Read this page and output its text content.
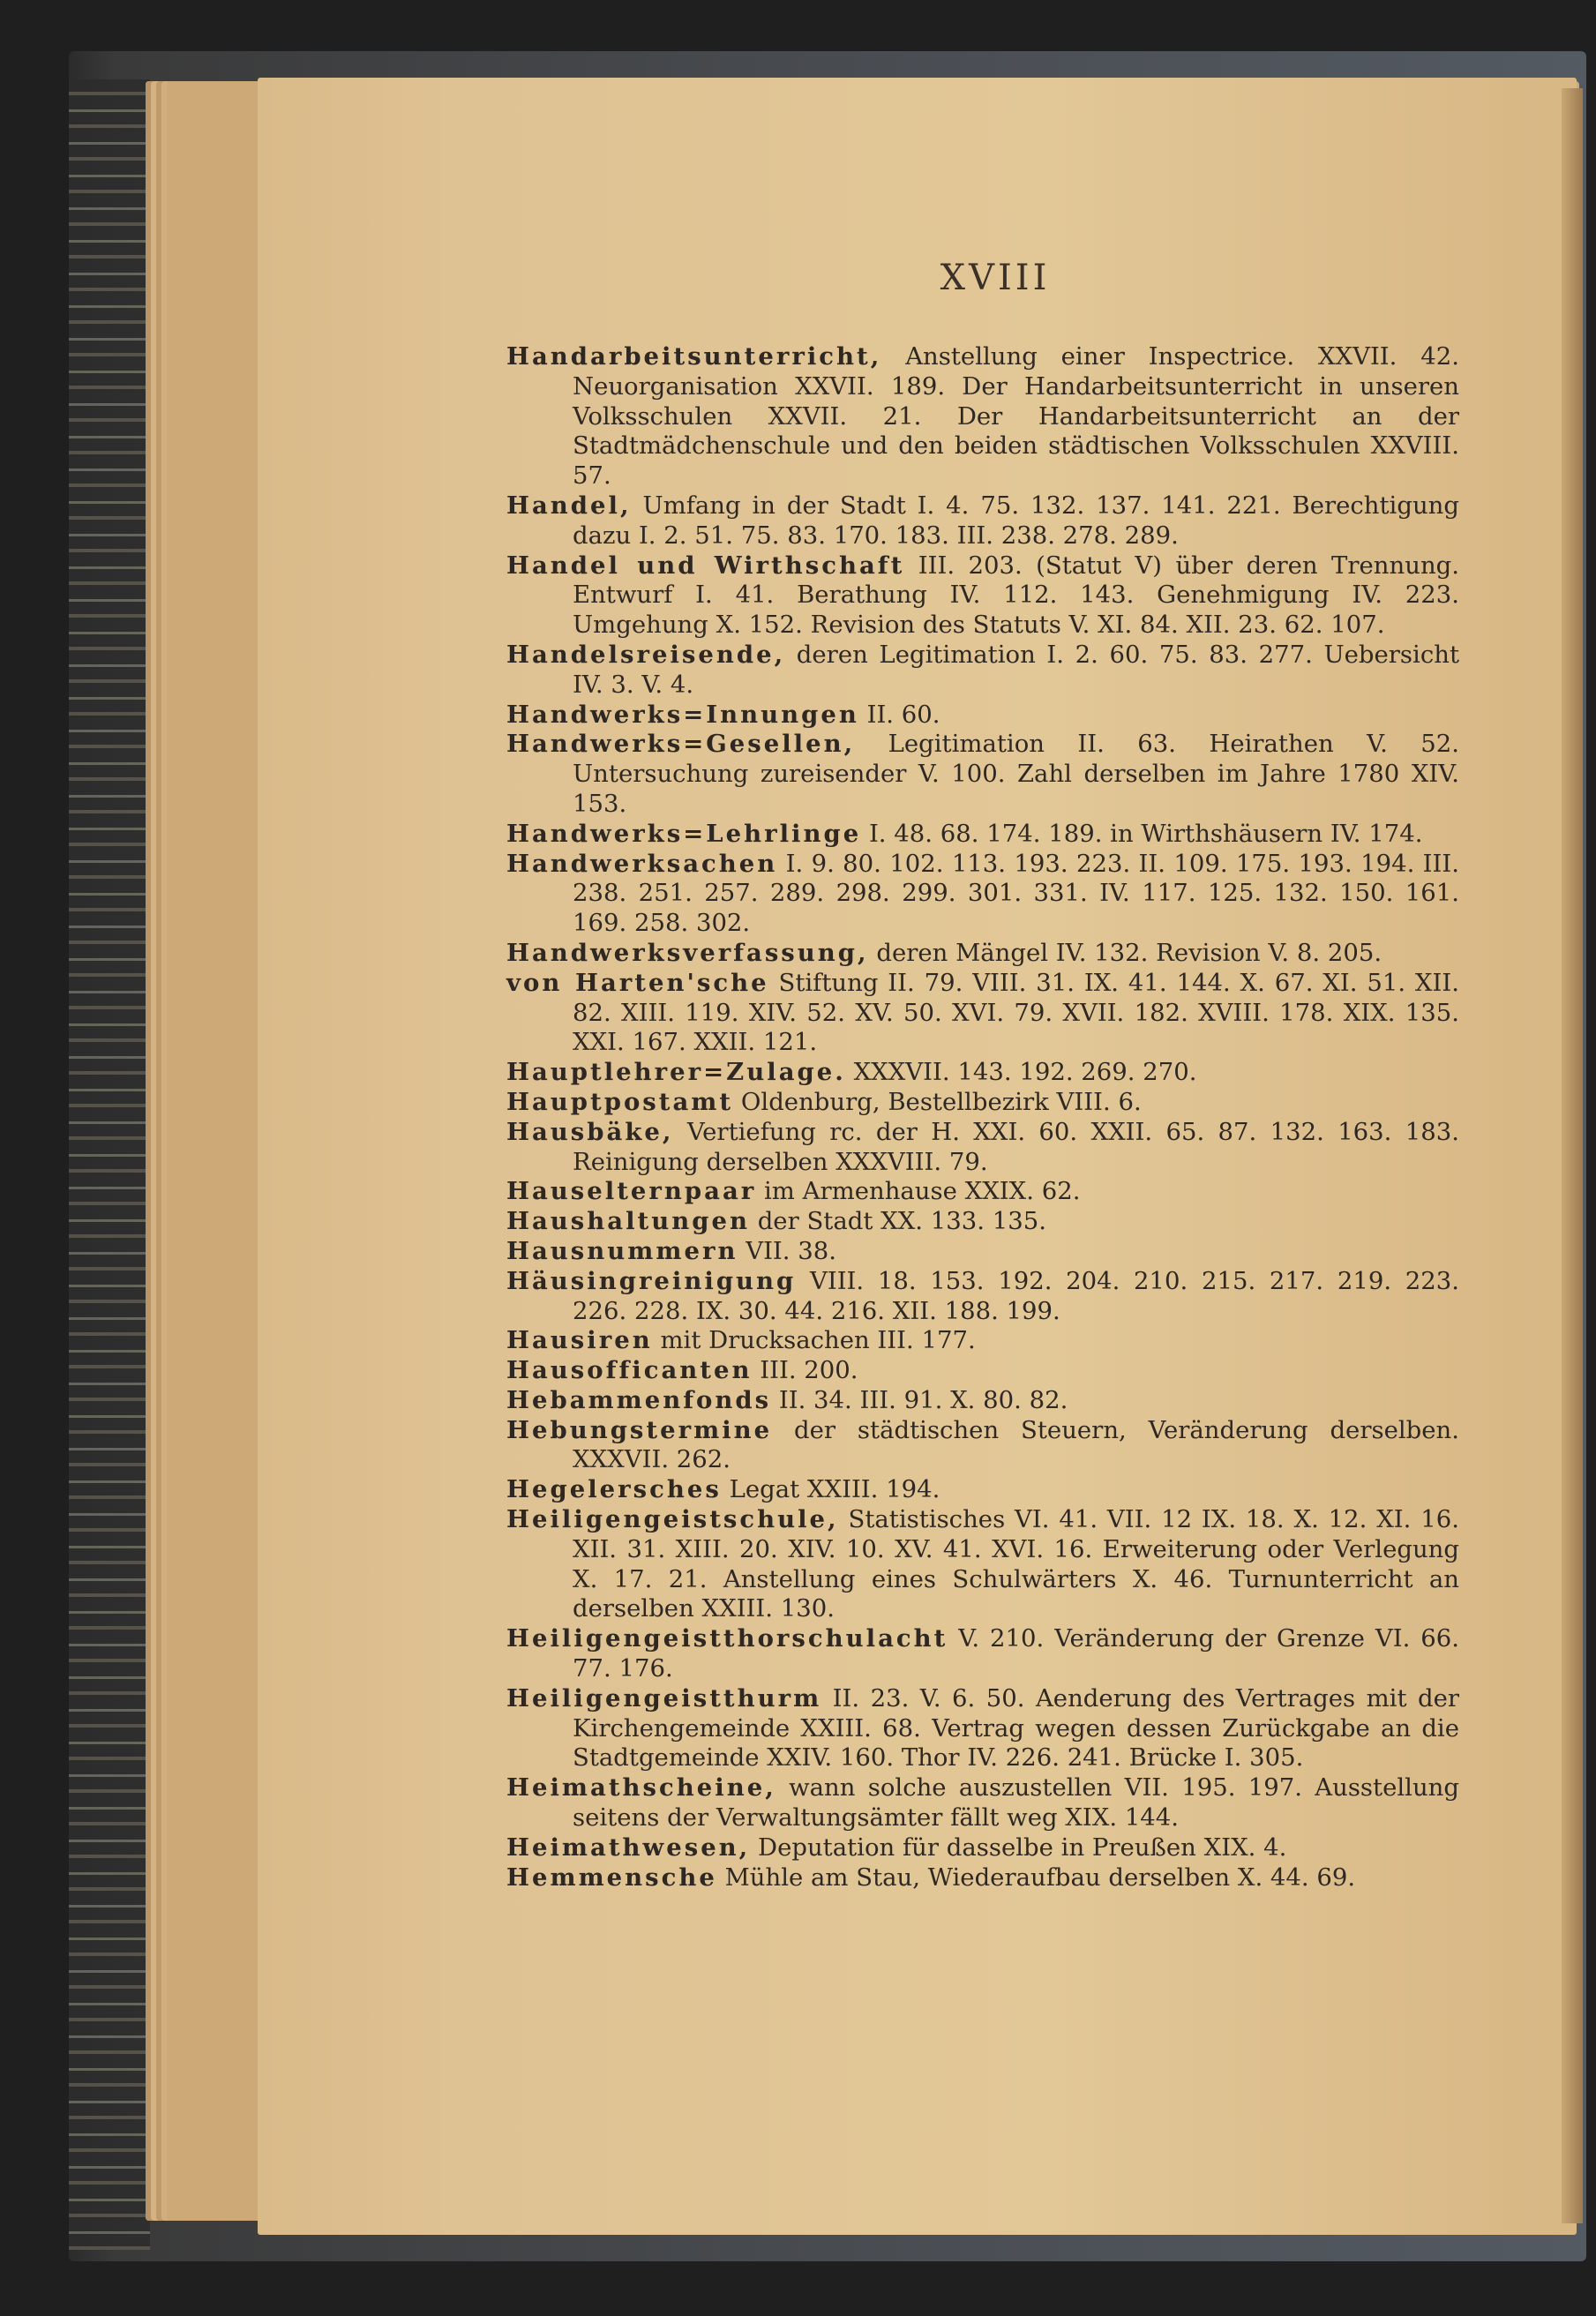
XVIII

Handarbeitsunterricht, Anstellung einer Inspectrice. XXVII. 42. Neuorganisation XXVII. 189. Der Handarbeitsunterricht in unseren Volksschulen XXVII. 21. Der Handarbeitsunterricht an der Stadtmädchenschule und den beiden städtischen Volksschulen XXVIII. 57.

Handel, Umfang in der Stadt I. 4. 75. 132. 137. 141. 221. Berechtigung dazu I. 2. 51. 75. 83. 170. 183. III. 238. 278. 289.

Handel und Wirthschaft III. 203. (Statut V) über deren Trennung. Entwurf I. 41. Berathung IV. 112. 143. Genehmigung IV. 223. Umgehung X. 152. Revision des Statuts V. XI. 84. XII. 23. 62. 107.

Handelsreisende, deren Legitimation I. 2. 60. 75. 83. 277. Uebersicht IV. 3. V. 4.

Handwerks=Innungen II. 60.

Handwerks=Gesellen, Legitimation II. 63. Heirathen V. 52. Untersuchung zureisender V. 100. Zahl derselben im Jahre 1780 XIV. 153.

Handwerks=Lehrlinge I. 48. 68. 174. 189. in Wirthshäusern IV. 174.

Handwerksachen I. 9. 80. 102. 113. 193. 223. II. 109. 175. 193. 194. III. 238. 251. 257. 289. 298. 299. 301. 331. IV. 117. 125. 132. 150. 161. 169. 258. 302.

Handwerksverfassung, deren Mängel IV. 132. Revision V. 8. 205.

von Harten'sche Stiftung II. 79. VIII. 31. IX. 41. 144. X. 67. XI. 51. XII. 82. XIII. 119. XIV. 52. XV. 50. XVI. 79. XVII. 182. XVIII. 178. XIX. 135. XXI. 167. XXII. 121.

Hauptlehrer=Zulage. XXXVII. 143. 192. 269. 270.

Hauptpostamt Oldenburg, Bestellbezirk VIII. 6.

Hausbäke, Vertiefung rc. der H. XXI. 60. XXII. 65. 87. 132. 163. 183. Reinigung derselben XXXVIII. 79.

Hauselternpaar im Armenhause XXIX. 62.

Haushaltungen der Stadt XX. 133. 135.

Hausnummern VII. 38.

Häusingreinigung VIII. 18. 153. 192. 204. 210. 215. 217. 219. 223. 226. 228. IX. 30. 44. 216. XII. 188. 199.

Hausiren mit Drucksachen III. 177.

Hausofficanten III. 200.

Hebammenfonds II. 34. III. 91. X. 80. 82.

Hebungstermine der städtischen Steuern, Veränderung derselben. XXXVII. 262.

Hegelersches Legat XXIII. 194.

Heiligengeistschule, Statistisches VI. 41. VII. 12 IX. 18. X. 12. XI. 16. XII. 31. XIII. 20. XIV. 10. XV. 41. XVI. 16. Erweiterung oder Verlegung X. 17. 21. Anstellung eines Schulwärters X. 46. Turnunterricht an derselben XXIII. 130.

Heiligengeistthorschulacht V. 210. Veränderung der Grenze VI. 66. 77. 176.

Heiligengeistthurm II. 23. V. 6. 50. Aenderung des Vertrages mit der Kirchengemeinde XXIII. 68. Vertrag wegen dessen Zurückgabe an die Stadtgemeinde XXIV. 160. Thor IV. 226. 241. Brücke I. 305.

Heimathscheine, wann solche auszustellen VII. 195. 197. Ausstellung seitens der Verwaltungsämter fällt weg XIX. 144.

Heimathwesen, Deputation für dasselbe in Preußen XIX. 4.

Hemmensche Mühle am Stau, Wiederaufbau derselben X. 44. 69.
